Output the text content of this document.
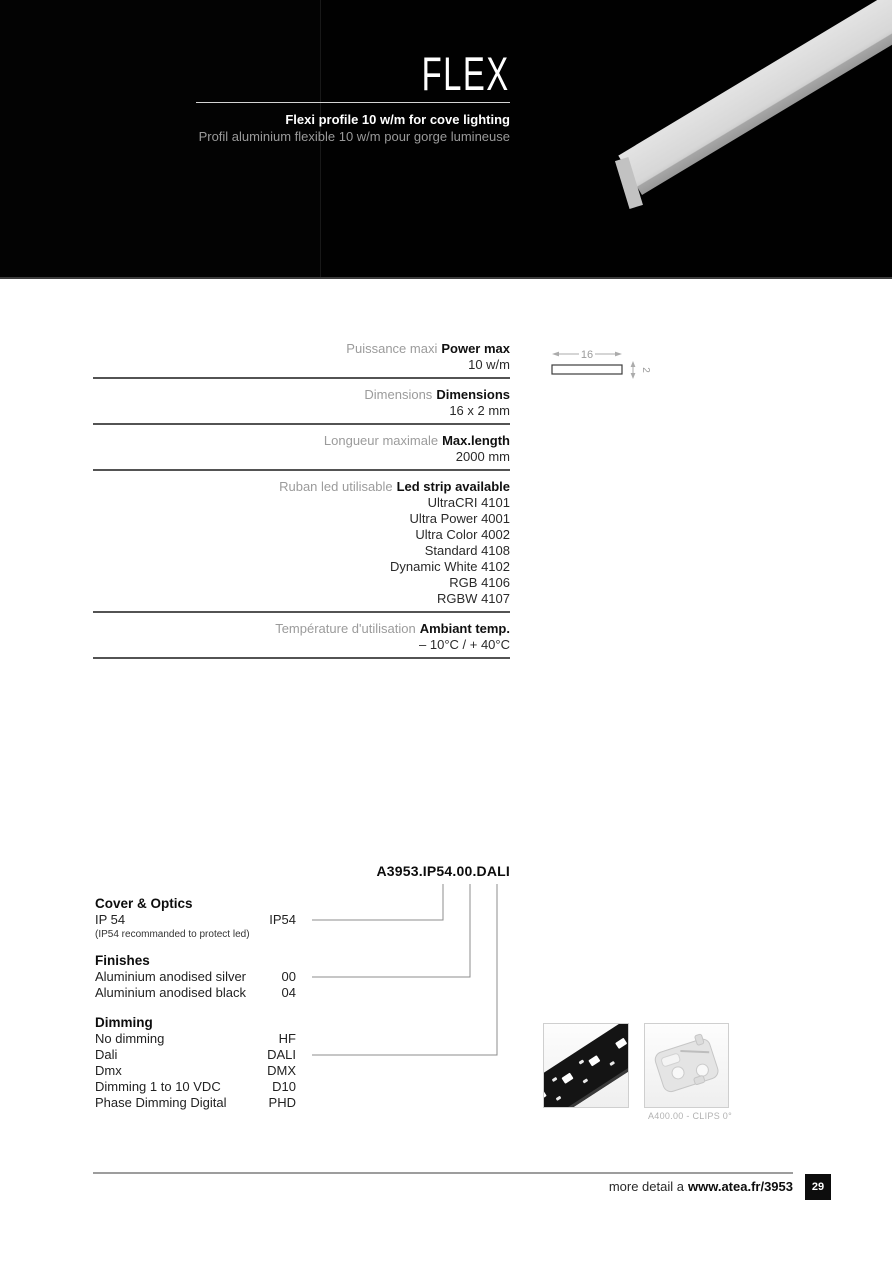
FLEX
Flexi profile 10 w/m for cove lighting
Profil aluminium flexible 10 w/m pour gorge lumineuse
Puissance maxi Power max
10 w/m
Dimensions Dimensions
16 x 2 mm
Longueur maximale Max.length
2000 mm
Ruban led utilisable Led strip available
UltraCRI 4101
Ultra Power 4001
Ultra Color 4002
Standard 4108
Dynamic White 4102
RGB 4106
RGBW 4107
Température d'utilisation Ambiant temp.
– 10°C / + 40°C
16
2
A3953.IP54.00.DALI
Cover & Optics
IP 54	IP54
(IP54 recommanded to protect led)
Finishes
Aluminium anodised silver	00
Aluminium anodised black	04
Dimming
No dimming	HF
Dali	DALI
Dmx	DMX
Dimming 1 to 10 VDC	D10
Phase Dimming Digital	PHD
A400.00 - CLIPS 0°
more detail a www.atea.fr/3953	29
